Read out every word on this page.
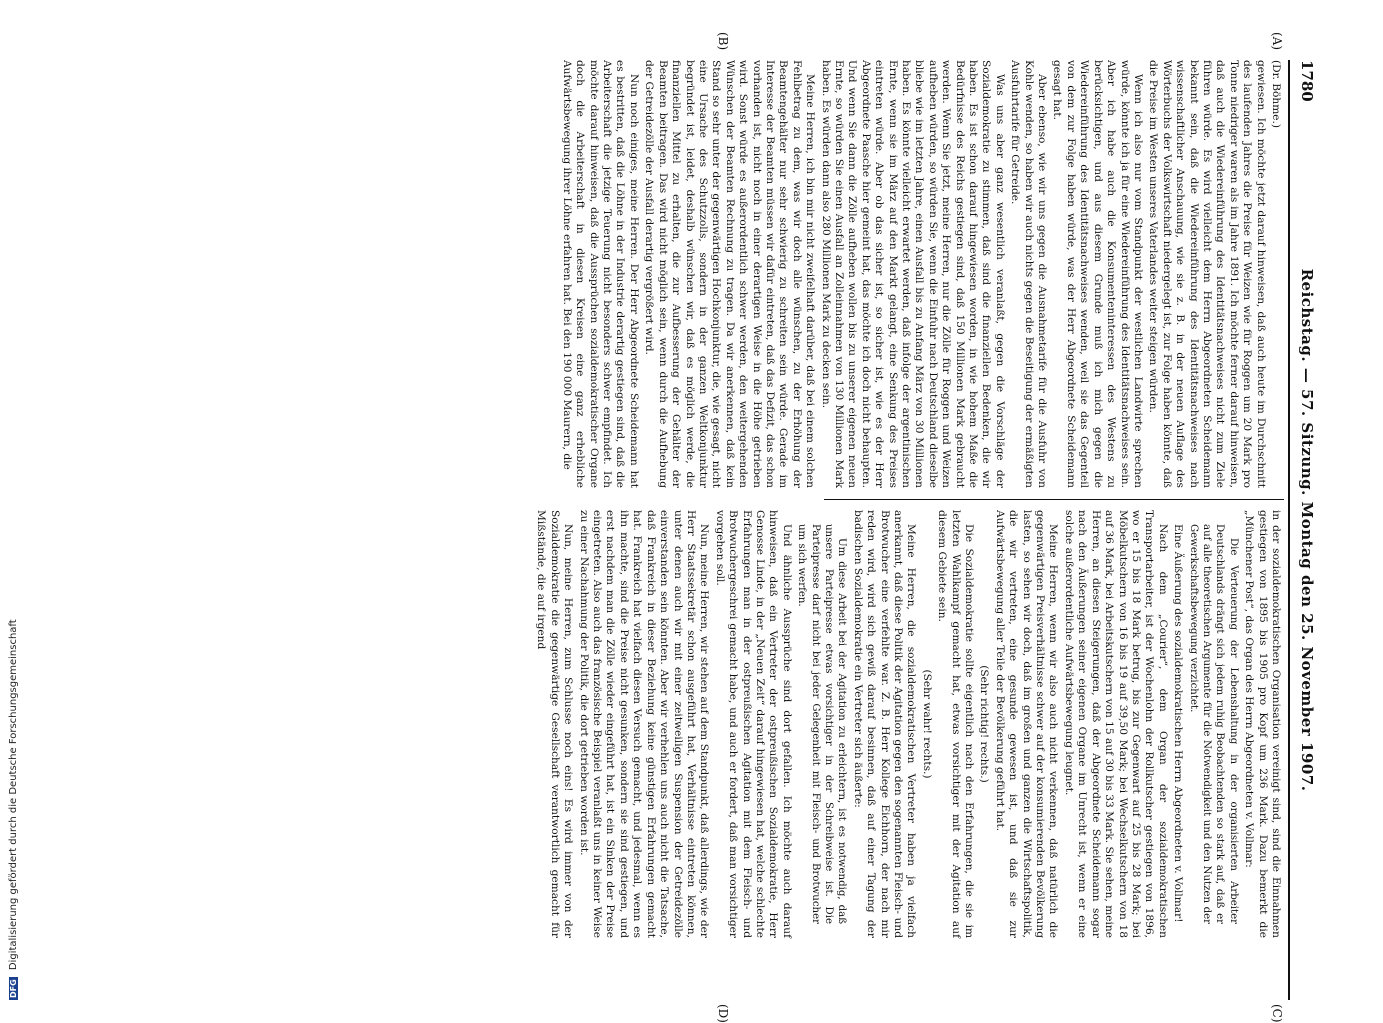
1780
Reichstag. — 57. Sitzung. Montag den 25. November 1907.
(A)
(B)
(C)
(D)

(Dr. Böhme.)

gewiesen. Ich möchte jetzt darauf hinweisen, daß auch heute im Durchschnitt des laufenden Jahres die Preise für Weizen wie für Roggen um 20 Mark pro Tonne niedriger waren als im Jahre 1891. Ich möchte ferner darauf hinweisen, daß auch die Wiedereinführung des Identitätsnachweises nicht zum Ziele führen würde. Es wird vielleicht dem Herrn Abgeordneten Scheidemann bekannt sein, daß die Wiedereinführung des Identitätsnachweises nach wissenschaftlicher Anschauung, wie sie z. B. in der neuen Auflage des Wörterbuchs der Volkswirtschaft niedergelegt ist, zur Folge haben könnte, daß die Preise im Westen unseres Vaterlandes weiter steigen würden.

Wenn ich also nur vom Standpunkt der westlichen Landwirte sprechen würde, könnte ich ja für eine Wiedereinführung des Identitätsnachweises sein. Aber ich habe auch die Konsumenteninteressen des Westens zu berücksichtigen, und aus diesem Grunde muß ich mich gegen die Wiedereinführung des Identitätsnachweises wenden, weil sie das Gegenteil von dem zur Folge haben würde, was der Herr Abgeordnete Scheidemann gesagt hat.

Aber ebenso, wie wir uns gegen die Ausnahmetarife für die Ausfuhr von Kohle wenden, so haben wir auch nichts gegen die Beseitigung der ermäßigten Ausfuhrtarife für Getreide.

Was uns aber ganz wesentlich veranlaßt, gegen die Vorschläge der Sozialdemokratie zu stimmen, daß sind die finanziellen Bedenken, die wir haben. Es ist schon darauf hingewiesen worden, in wie hohem Maße die Bedürfnisse des Reichs gestiegen sind, daß 150 Millionen Mark gebraucht werden. Wenn Sie jetzt, meine Herren, nur die Zölle für Roggen und Weizen aufheben würden, so würden Sie, wenn die Einfuhr nach Deutschland dieselbe bliebe wie im letzten Jahre, einen Ausfall bis zu Anfang März von 30 Millionen haben. Es könnte vielleicht erwartet werden, daß infolge der argentinischen Ernte, wenn sie im März auf den Markt gelangt, eine Senkung des Preises eintreten würde. Aber ob das sicher ist, so sicher ist, wie es der Herr Abgeordnete Paasche hier gemeint hat, das möchte ich doch nicht behaupten. Und wenn Sie dann die Zölle aufheben wollen bis zu unserer eigenen neuen Ernte, so würden Sie einen Ausfall an Zolleinnahmen von 130 Millionen Mark haben. Es würden dann also 280 Millionen Mark zu decken sein.

Meine Herren, ich bin mir nicht zweifelhaft darüber, daß bei einem solchen Fehlbetrag zu dem, was wir doch alle wünschen, zu der Erhöhung der Beamtengehälter nur sehr schwierig zu schreiten sein würde. Gerade im Interesse der Beamten müssen wir dafür eintreten, daß das Defizit, das schon vorhanden ist, nicht noch in einer derartigen Weise in die Höhe getrieben wird. Sonst würde es außerordentlich schwer werden, den weitergehenden Wünschen der Beamten Rechnung zu tragen. Da wir anerkennen, daß kein Stand so sehr unter der gegenwärtigen Hochkonjunktur, die, wie gesagt, nicht eine Ursache des Schutzzolls, sondern in der ganzen Weltkonjunktur begründet ist, leidet, deshalb wünschen wir, daß es möglich werde, die finanziellen Mittel zu erhalten, die zur Aufbesserung der Gehälter der Beamten beitragen. Das wird nicht möglich sein, wenn durch die Aufhebung der Getreidezölle der Ausfall derartig vergrößert wird.

Nun noch einiges, meine Herren. Der Herr Abgeordnete Scheidemann hat es bestritten, daß die Löhne in der Industrie derartig gestiegen sind, daß die Arbeiterschaft die jetzige Teuerung nicht besonders schwer empfindet. Ich möchte darauf hinweisen, daß die Aussprüchen sozialdemokratischer Organe doch die Arbeiterschaft in diesen Kreisen eine ganz erhebliche Aufwärtsbewegung ihrer Löhne erfahren hat. Bei den 190 000 Maurern, die

in der sozialdemokratischen Organisation vereinigt sind, sind die Einnahmen gestiegen von 1895 bis 1905 pro Kopf um 236 Mark. Dazu bemerkt die „Münchener Post“, das Organ des Herrn Abgeordneten v. Vollmar:

Die Verteuerung der Lebenshaltung in der organisierten Arbeiter Deutschlands drängt sich jedem ruhig Beobachtenden so stark auf, daß er auf alle theoretischen Argumente für die Notwendigkeit und den Nutzen der Gewerkschaftsbewegung verzichtet.

Eine Äußerung des sozialdemokratischen Herrn Abgeordneten v. Vollmar!

Nach dem „Courier“, dem Organ der sozialdemokratischen Transportarbeiter, ist der Wochenlohn der Rollkutscher gestiegen von 1896, wo er 15 bis 18 Mark betrug, bis zur Gegenwart auf 25 bis 28 Mark; bei Möbelkutschern von 16 bis 19 auf 39,50 Mark; bei Wechselkutschern von 18 auf 36 Mark, bei Arbeitskutschern von 15 auf 30 bis 33 Mark. Sie sehen, meine Herren, an diesen Steigerungen, daß der Abgeordnete Scheidemann sogar nach den Äußerungen seiner eigenen Organe im Unrecht ist, wenn er eine solche außerordentliche Aufwärtsbewegung leugnet.

Meine Herren, wenn wir also auch nicht verkennen, daß natürlich die gegenwärtigen Preisverhältnisse schwer auf der konsumierenden Bevölkerung lasten, so sehen wir doch, daß im großen und ganzen die Wirtschaftspolitik, die wir vertreten, eine gesunde gewesen ist, und daß sie zur Aufwärtsbewegung aller Teile der Bevölkerung geführt hat.

(Sehr richtig! rechts.)

Die Sozialdemokratie sollte eigentlich nach den Erfahrungen, die sie im letzten Wahlkampf gemacht hat, etwas vorsichtiger mit der Agitation auf diesem Gebiete sein.

(Sehr wahr! rechts.)

Meine Herren, die sozialdemokratischen Vertreter haben ja vielfach anerkannt, daß diese Politik der Agitation gegen den sogenannten Fleisch- und Brotwucher eine verfehlte war. Z. B. Herr Kollege Eichhorn, der nach mir reden wird, wird sich gewiß darauf besinnen, daß auf einer Tagung der badischen Sozialdemokratie ein Vertreter sich äußerte:

Um diese Arbeit bei der Agitation zu erleichtern, ist es notwendig, daß unsere Parteipresse etwas vorsichtiger in der Schreibweise ist. Die Parteipresse darf nicht bei jeder Gelegenheit mit Fleisch- und Brotwucher um sich werfen.

Und ähnliche Aussprüche sind dort gefallen. Ich möchte auch darauf hinweisen, daß ein Vertreter der ostpreußischen Sozialdemokratie, Herr Genosse Linde, in der „Neuen Zeit“ darauf hingewiesen hat, welche schlechte Erfahrungen man in der ostpreußischen Agitation mit dem Fleisch- und Brotwuchergeschrei gemacht habe, und auch er fordert, daß man vorsichtiger vorgehen soll.

Nun, meine Herren, wir stehen auf dem Standpunkt, daß allerdings, wie der Herr Staatssekretär schon ausgeführt hat, Verhältnisse eintreten können, unter denen auch wir mit einer zeitweiligen Suspension der Getreidezölle einverstanden sein könnten. Aber wir verhehlen uns auch nicht die Tatsache, daß Frankreich in dieser Beziehung keine günstigen Erfahrungen gemacht hat. Frankreich hat vielfach diesen Versuch gemacht, und jedesmal, wenn es ihn machte, sind die Preise nicht gesunken, sondern sie sind gestiegen, und erst nachdem man die Zölle wieder eingeführt hat, ist ein Sinken der Preise eingetreten. Also auch das französische Beispiel veranlaßt uns in keiner Weise zu einer Nachahmung der Politik, die dort getrieben worden ist.

Nun, meine Herren, zum Schlusse noch eins! Es wird immer von der Sozialdemokratie die gegenwärtige Gesellschaft verantwortlich gemacht für Mißstände, die auf irgend

DFG Digitalisierung gefördert durch die Deutsche Forschungsgemeinschaft
